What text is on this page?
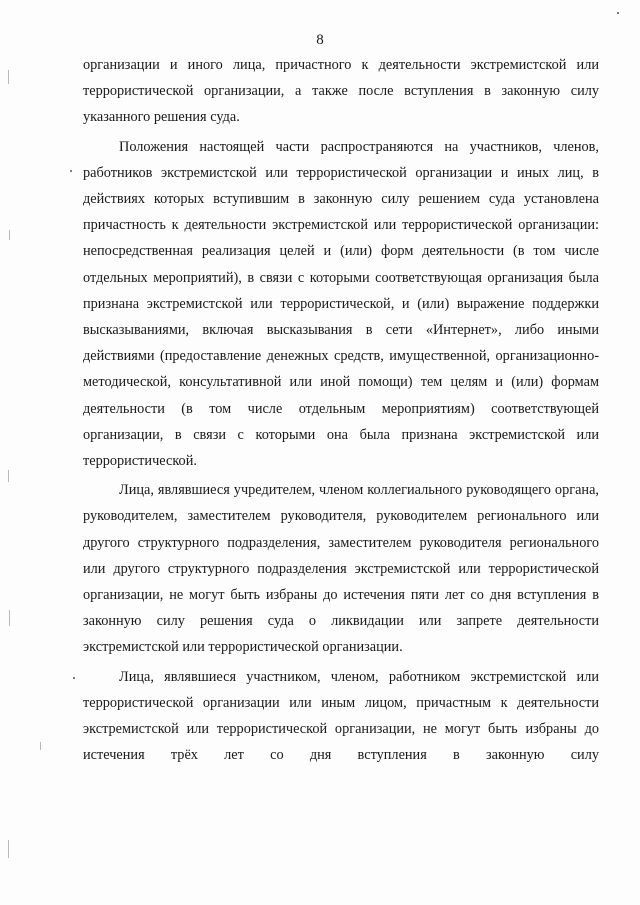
8

организации и иного лица, причастного к деятельности экстремистской или террористической организации, а также после вступления в законную силу указанного решения суда.

Положения настоящей части распространяются на участников, членов, работников экстремистской или террористической организации и иных лиц, в действиях которых вступившим в законную силу решением суда установлена причастность к деятельности экстремистской или террористической организации: непосредственная реализация целей и (или) форм деятельности (в том числе отдельных мероприятий), в связи с которыми соответствующая организация была признана экстремистской или террористической, и (или) выражение поддержки высказываниями, включая высказывания в сети «Интернет», либо иными действиями (предоставление денежных средств, имущественной, организационно-методической, консультативной или иной помощи) тем целям и (или) формам деятельности (в том числе отдельным мероприятиям) соответствующей организации, в связи с которыми она была признана экстремистской или террористической.

Лица, являвшиеся учредителем, членом коллегиального руководящего органа, руководителем, заместителем руководителя, руководителем регионального или другого структурного подразделения, заместителем руководителя регионального или другого структурного подразделения экстремистской или террористической организации, не могут быть избраны до истечения пяти лет со дня вступления в законную силу решения суда о ликвидации или запрете деятельности экстремистской или террористической организации.

Лица, являвшиеся участником, членом, работником экстремистской или террористической организации или иным лицом, причастным к деятельности экстремистской или террористической организации, не могут быть избраны до истечения трёх лет со дня вступления в законную силу
